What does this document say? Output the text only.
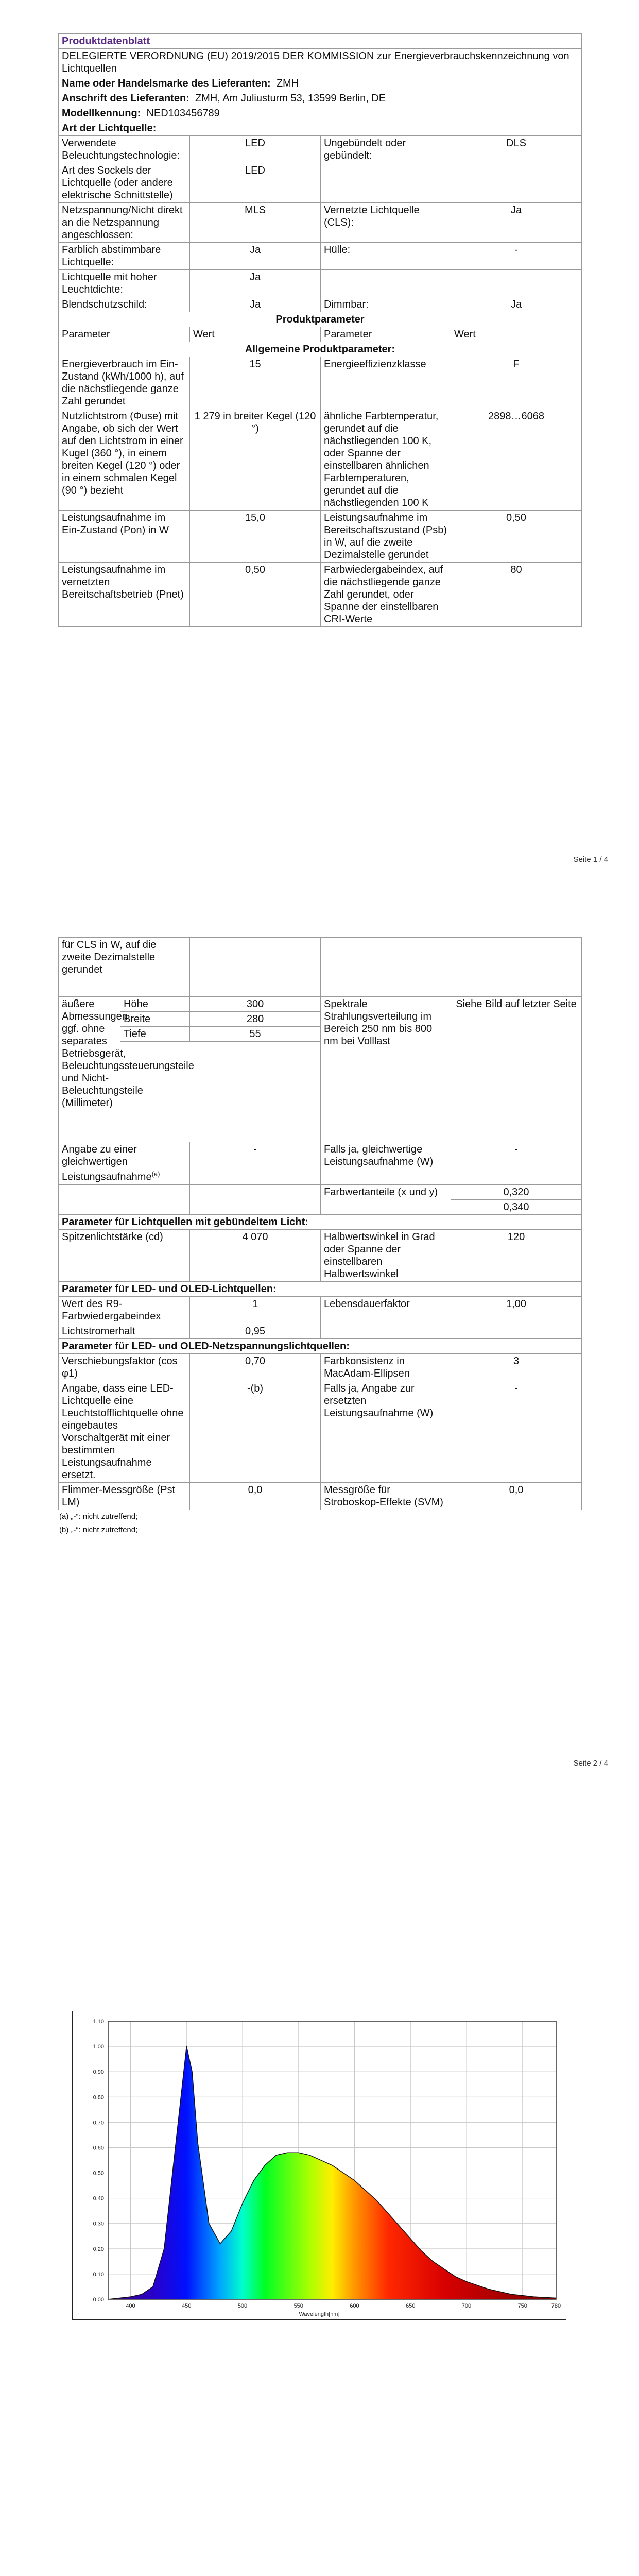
Produktdatenblatt			
DELEGIERTE VERORDNUNG (EU) 2019/2015 DER KOMMISSION zur Energieverbrauchskennzeichnung von Lichtquellen			
Name oder Handelsmarke des Lieferanten: ZMH			
Anschrift des Lieferanten: ZMH, Am Juliusturm 53, 13599 Berlin, DE			
Modellkennung: NED103456789			
Art der Lichtquelle:			
Verwendete Beleuchtungstechnologie:	LED	Ungebündelt oder gebündelt:	DLS
Art des Sockels der Lichtquelle (oder andere elektrische Schnittstelle)	LED		
Netzspannung/Nicht direkt an die Netzspannung angeschlossen:	MLS	Vernetzte Lichtquelle (CLS):	Ja
Farblich abstimmbare Lichtquelle:	Ja	Hülle:	-
Lichtquelle mit hoher Leuchtdichte:	Ja		
Blendschutzschild:	Ja	Dimmbar:	Ja
Produktparameter			
Parameter	Wert	Parameter	Wert
Allgemeine Produktparameter:			
Energieverbrauch im Ein-Zustand (kWh/1000 h), auf die nächstliegende ganze Zahl gerundet	15	Energieeffizienzklasse	F
Nutzlichtstrom (Φuse) mit Angabe, ob sich der Wert auf den Lichtstrom in einer Kugel (360 °), in einem breiten Kegel (120 °) oder in einem schmalen Kegel (90 °) bezieht	1 279 in breiter Kegel (120 °)	ähnliche Farbtemperatur, gerundet auf die nächstliegenden 100 K, oder Spanne der einstellbaren ähnlichen Farbtemperaturen, gerundet auf die nächstliegenden 100 K	2898…6068
Leistungsaufnahme im Ein-Zustand (Pon) in W	15,0	Leistungsaufnahme im Bereitschaftszustand (Psb) in W, auf die zweite Dezimalstelle gerundet	0,50
Leistungsaufnahme im vernetzten Bereitschaftsbetrieb (Pnet)	0,50	Farbwiedergabeindex, auf die nächstliegende ganze Zahl gerundet, oder Spanne der einstellbaren CRI-Werte	80
Seite 1 / 4
für CLS in W, auf die zweite Dezimalstelle gerundet				
äußere Abmessungen, ggf. ohne separates Betriebsgerät, Beleuchtungssteuerungsteile und Nicht-Beleuchtungsteile (Millimeter)	Höhe	300	Spektrale Strahlungsverteilung im Bereich 250 nm bis 800 nm bei Volllast	Siehe Bild auf letzter Seite
	Breite	280		
	Tiefe	55		

Angabe zu einer gleichwertigen Leistungsaufnahme$^{(a)}$		-	Falls ja, gleichwertige Leistungsaufnahme (W)	-
			Farbwertanteile (x und y)	0,320
				0,340
Parameter für Lichtquellen mit gebündeltem Licht:				
Spitzenlichtstärke (cd)		4 070	Halbwertswinkel in Grad oder Spanne der einstellbaren Halbwertswinkel	120
Parameter für LED- und OLED-Lichtquellen:				
Wert des R9-Farbwiedergabeindex		1	Lebensdauerfaktor	1,00
Lichtstromerhalt		0,95		
Parameter für LED- und OLED-Netzspannungslichtquellen:				
Verschiebungsfaktor (cos φ1)		0,70	Farbkonsistenz in MacAdam-Ellipsen	3
Angabe, dass eine LED-Lichtquelle eine Leuchtstofflichtquelle ohne eingebautes Vorschaltgerät mit einer bestimmten Leistungsaufnahme ersetzt.		-(b)	Falls ja, Angabe zur ersetzten Leistungsaufnahme (W)	-
Flimmer-Messgröße (Pst LM)		0,0	Messgröße für Stroboskop-Effekte (SVM)	0,0
(a) „-“: nicht zutreffend;
(b) „-“: nicht zutreffend;
Seite 2 / 4
0.00
0.10
0.20
0.30
0.40
0.50
0.60
0.70
0.80
0.90
1.00
1.10
400	450	500	550	600	650	700	750	780
Wavelength[nm]
